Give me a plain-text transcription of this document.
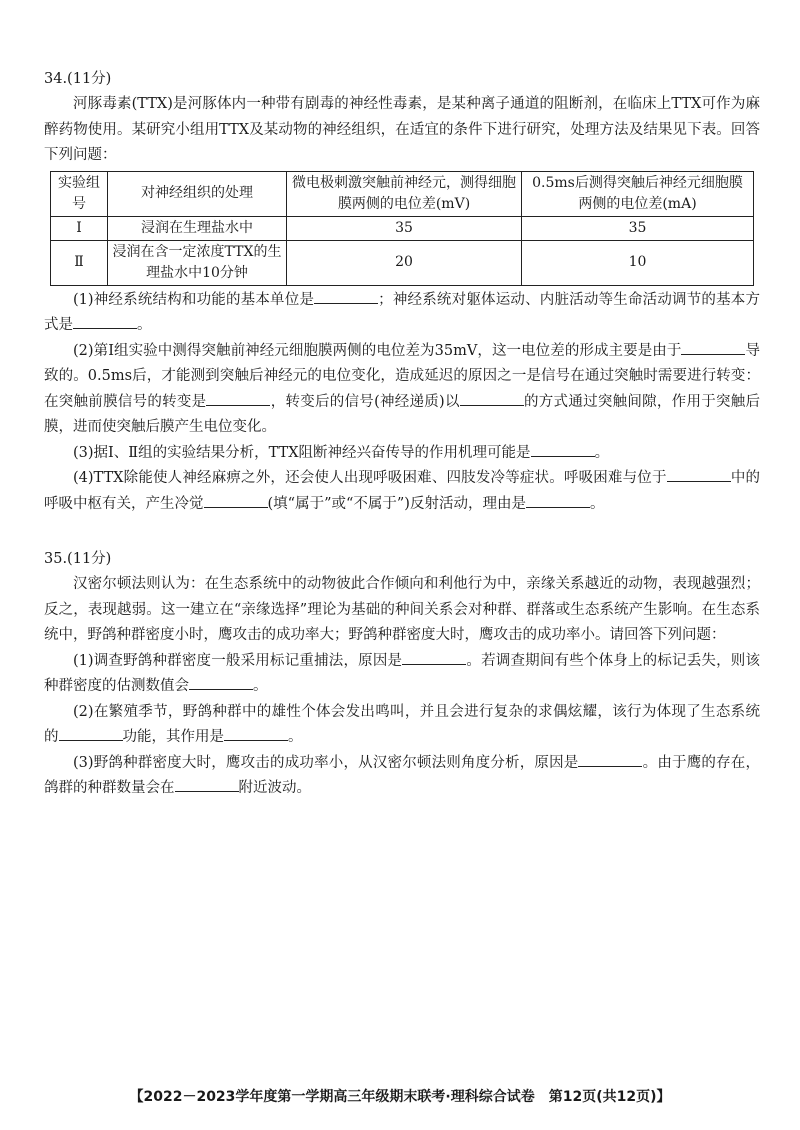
34.(11分)

河豚毒素(TTX)是河豚体内一种带有剧毒的神经性毒素，是某种离子通道的阻断剂，在临床上TTX可作为麻醉药物使用。某研究小组用TTX及某动物的神经组织，在适宜的条件下进行研究，处理方法及结果见下表。回答下列问题：

实验组号	对神经组织的处理	微电极刺激突触前神经元，测得细胞膜两侧的电位差(mV)	0.5ms后测得突触后神经元细胞膜两侧的电位差(mA)
Ⅰ	浸润在生理盐水中	35	35
Ⅱ	浸润在含一定浓度TTX的生理盐水中10分钟	20	10

(1)神经系统结构和功能的基本单位是	；神经系统对躯体运动、内脏活动等生命活动调节的基本方式是	。

(2)第Ⅰ组实验中测得突触前神经元细胞膜两侧的电位差为35mV，这一电位差的形成主要是由于	导致的。0.5ms后，才能测到突触后神经元的电位变化，造成延迟的原因之一是信号在通过突触时需要进行转变：在突触前膜信号的转变是	，转变后的信号(神经递质)以	的方式通过突触间隙，作用于突触后膜，进而使突触后膜产生电位变化。

(3)据Ⅰ、Ⅱ组的实验结果分析，TTX阻断神经兴奋传导的作用机理可能是	。

(4)TTX除能使人神经麻痹之外，还会使人出现呼吸困难、四肢发冷等症状。呼吸困难与位于	中的呼吸中枢有关，产生冷觉	(填“属于”或“不属于”)反射活动，理由是	。

35.(11分)

汉密尔顿法则认为：在生态系统中的动物彼此合作倾向和利他行为中，亲缘关系越近的动物，表现越强烈；反之，表现越弱。这一建立在“亲缘选择”理论为基础的种间关系会对种群、群落或生态系统产生影响。在生态系统中，野鸽种群密度小时，鹰攻击的成功率大；野鸽种群密度大时，鹰攻击的成功率小。请回答下列问题：

(1)调查野鸽种群密度一般采用标记重捕法，原因是	。若调查期间有些个体身上的标记丢失，则该种群密度的估测数值会	。

(2)在繁殖季节，野鸽种群中的雄性个体会发出鸣叫，并且会进行复杂的求偶炫耀，该行为体现了生态系统的	功能，其作用是	。

(3)野鸽种群密度大时，鹰攻击的成功率小，从汉密尔顿法则角度分析，原因是	。由于鹰的存在，鸽群的种群数量会在	附近波动。

【2022－2023学年度第一学期高三年级期末联考·理科综合试卷　第12页(共12页)】
